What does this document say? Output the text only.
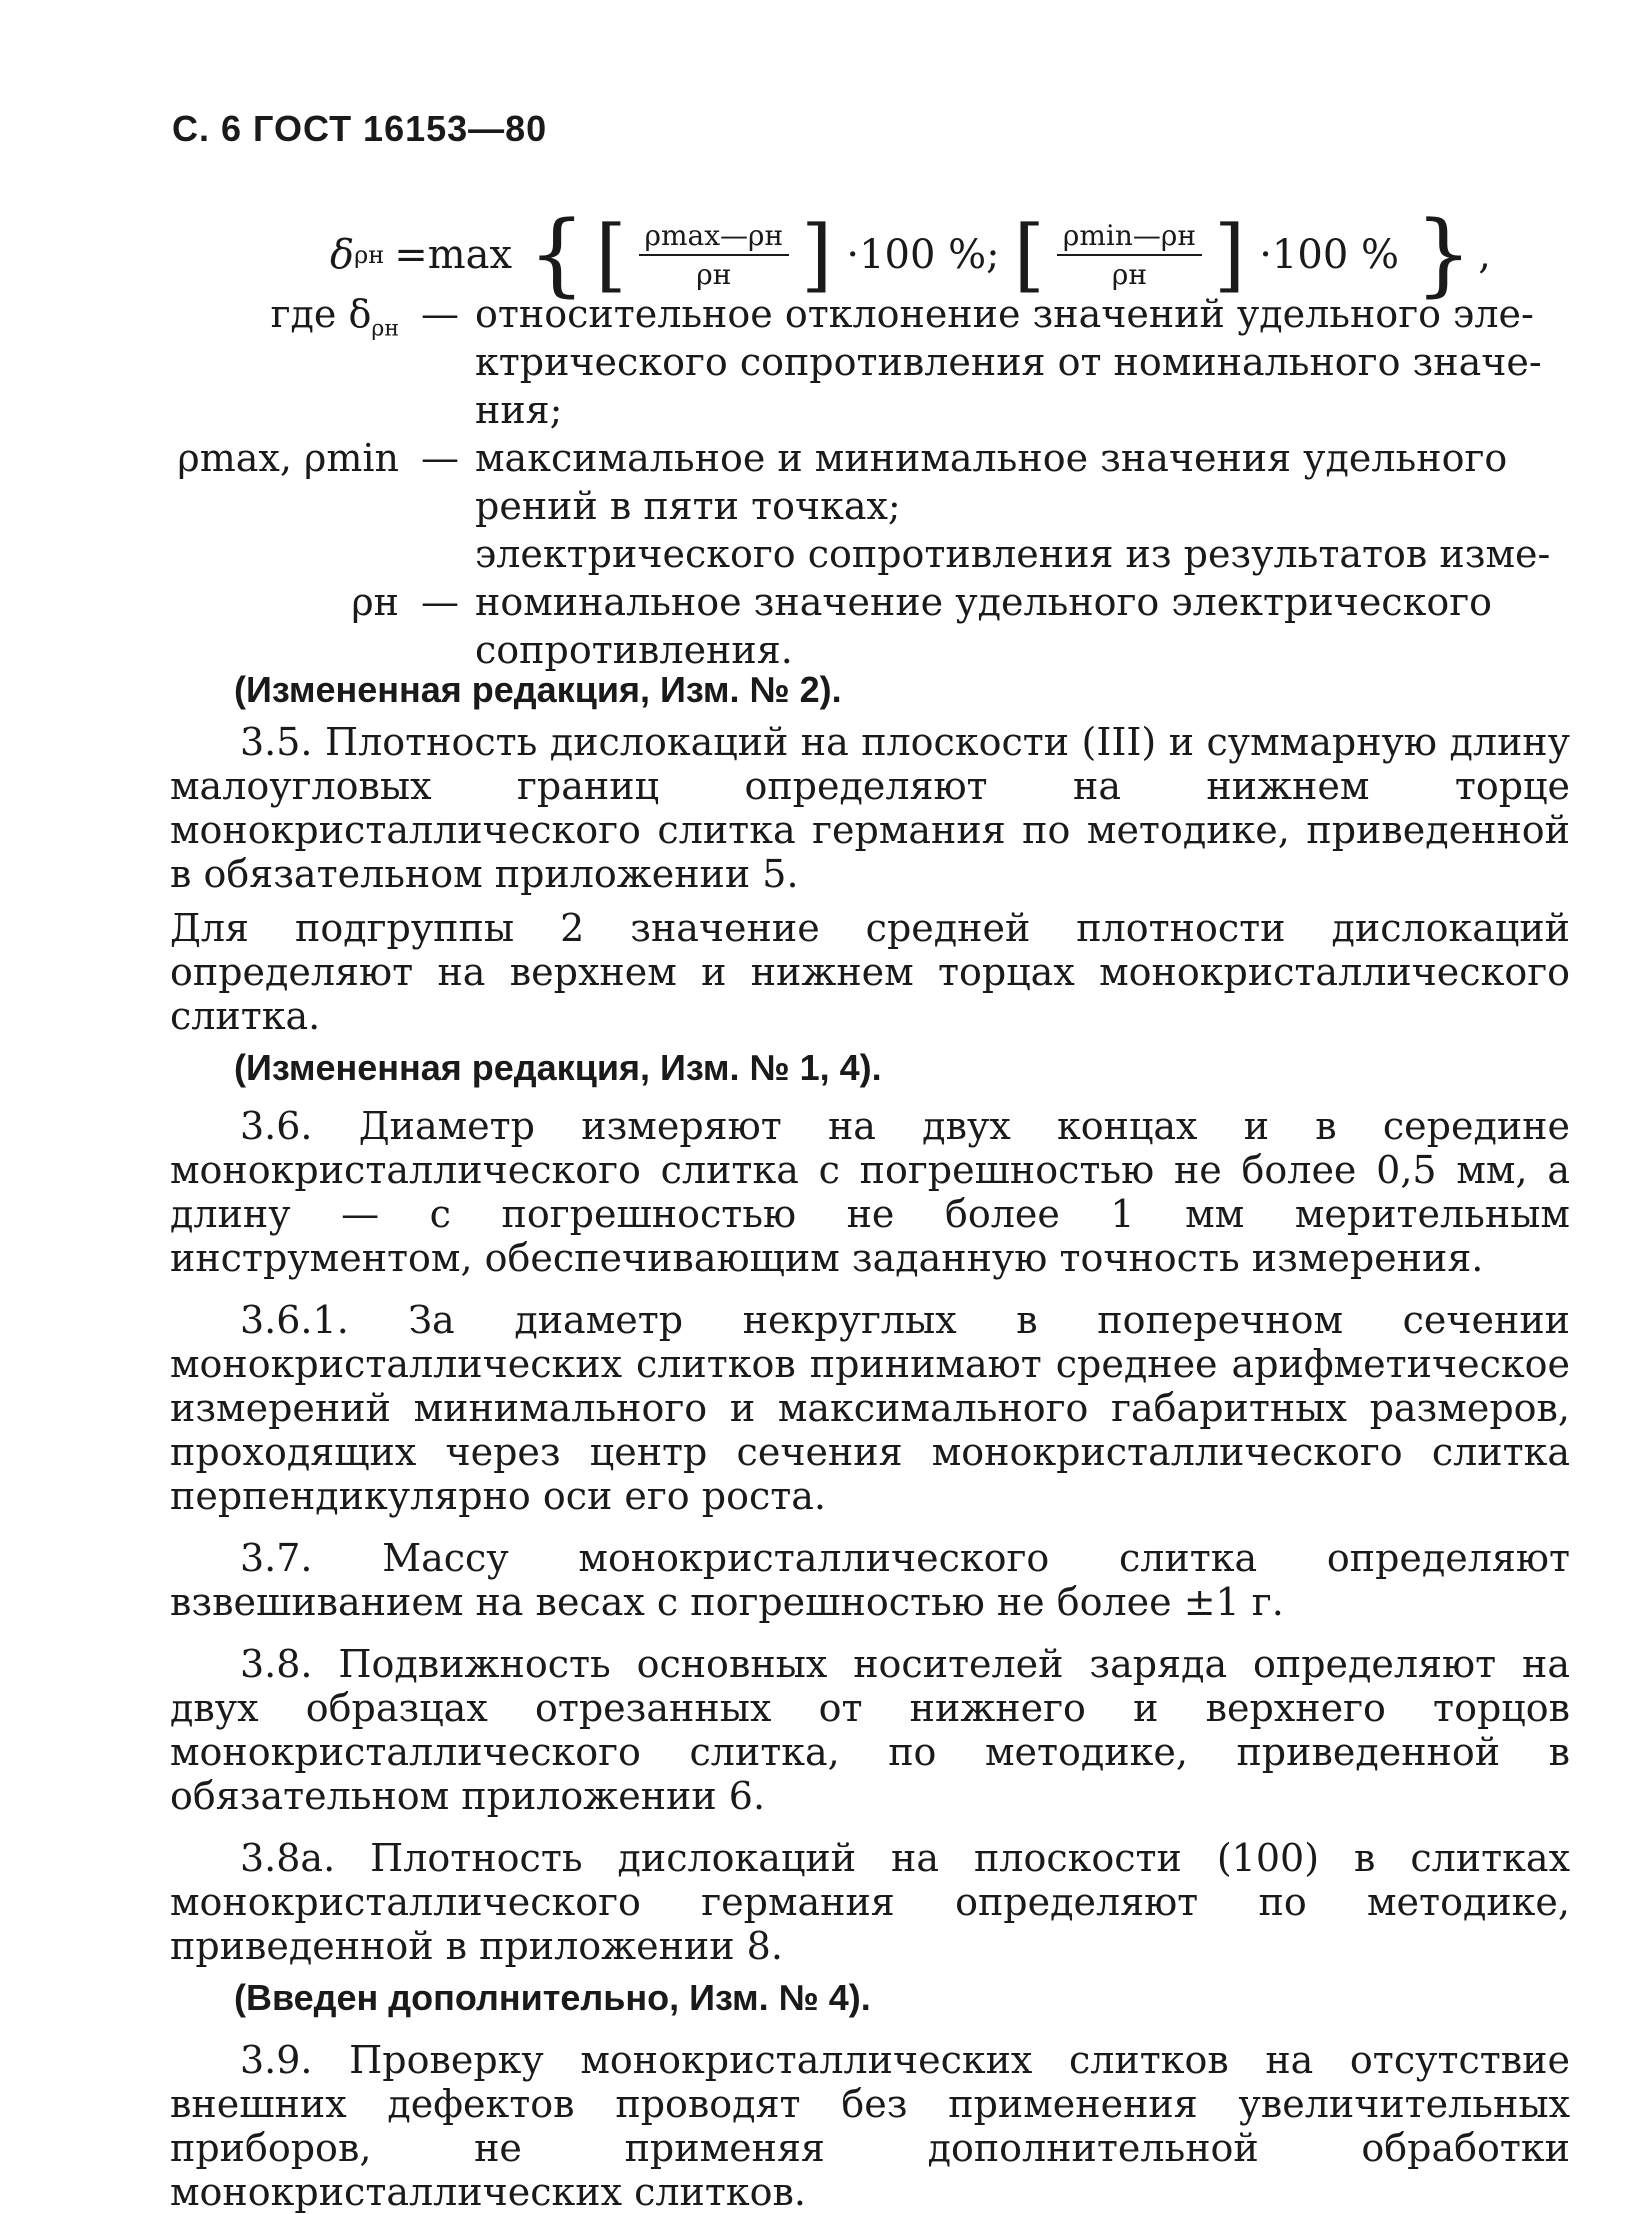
С. 6 ГОСТ 16153—80
δ ρн =max { [ $\frac{\rho\max—\rho н}{\rho н}$ ] ·100 %; [ $\frac{\rho\min—\rho н}{\rho н}$ ] ·100 % } ,
где $\delta_{\rho н}$ — относительное отклонение значений удельного эле-
ктрического сопротивления от номинального значе-
ния;
ρmax, ρmin — максимальное и минимальное значения удельного
рений в пяти точках;
электрического сопротивления из результатов изме-
ρн — номинальное значение удельного электрического
сопротивления.

(Измененная редакция, Изм. № 2).

3.5. Плотность дислокаций на плоскости (III) и суммарную длину малоугловых границ определяют на нижнем торце монокристаллического слитка германия по методике, приведенной в обязательном приложении 5.

Для подгруппы 2 значение средней плотности дислокаций определяют на верхнем и нижнем торцах монокристаллического слитка.

(Измененная редакция, Изм. № 1, 4).

3.6. Диаметр измеряют на двух концах и в середине монокристаллического слитка с погрешностью не более 0,5 мм, а длину — с погрешностью не более 1 мм мерительным инструментом, обеспечивающим заданную точность измерения.

3.6.1. За диаметр некруглых в поперечном сечении монокристаллических слитков принимают среднее арифметическое измерений минимального и максимального габаритных размеров, проходящих через центр сечения монокристаллического слитка перпендикулярно оси его роста.

3.7. Массу монокристаллического слитка определяют взвешиванием на весах с погрешностью не более ±1 г.

3.8. Подвижность основных носителей заряда определяют на двух образцах отрезанных от нижнего и верхнего торцов монокристаллического слитка, по методике, приведенной в обязательном приложении 6.

3.8а. Плотность дислокаций на плоскости (100) в слитках монокристаллического германия определяют по методике, приведенной в приложении 8.

(Введен дополнительно, Изм. № 4).

3.9. Проверку монокристаллических слитков на отсутствие внешних дефектов проводят без применения увеличительных приборов, не применяя дополнительной обработки монокристаллических слитков.
